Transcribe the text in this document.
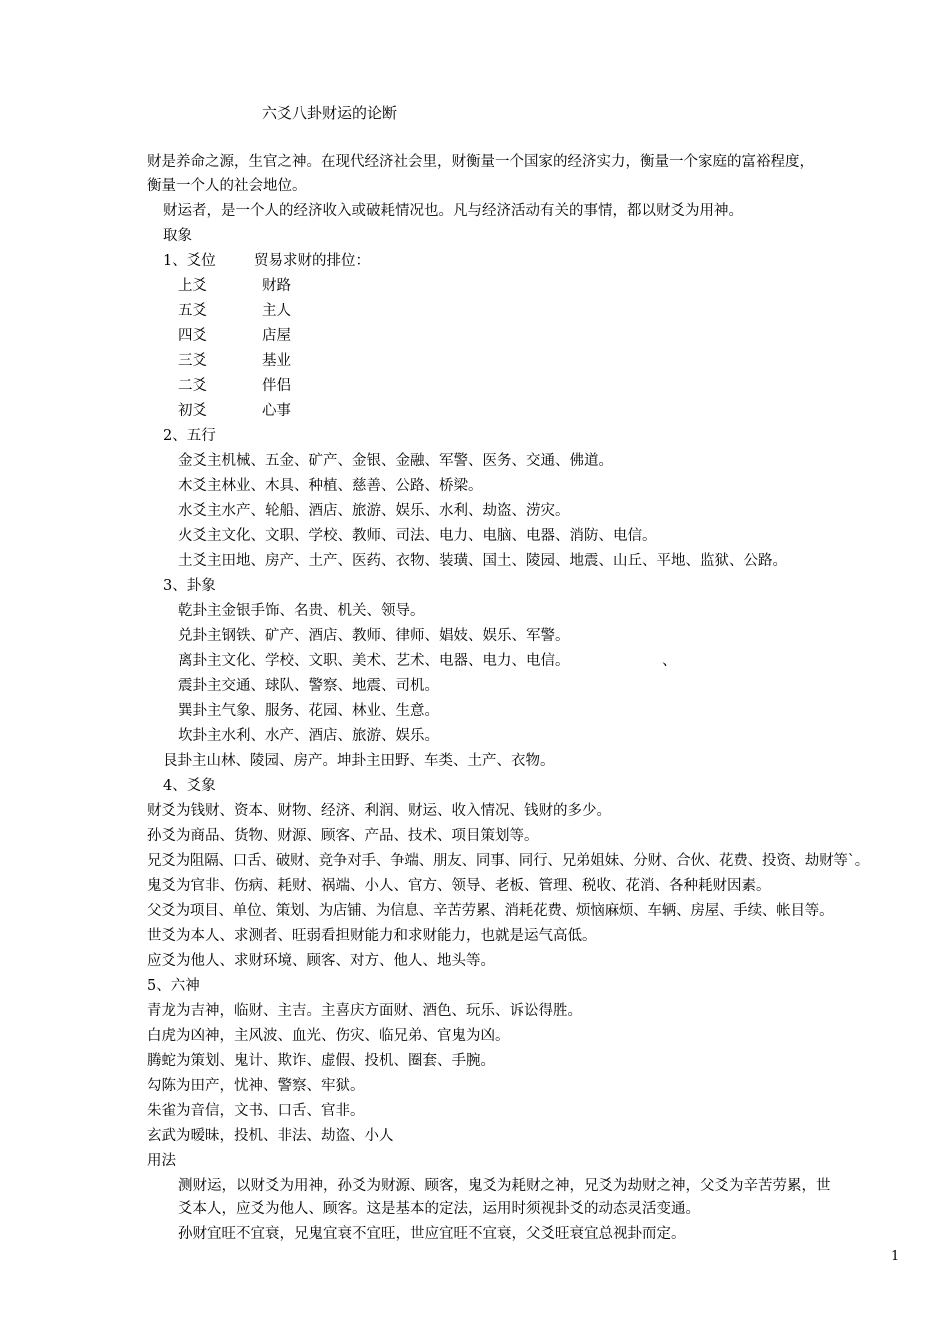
六爻八卦财运的论断
财是养命之源，生官之神。在现代经济社会里，财衡量一个国家的经济实力，衡量一个家庭的富裕程度，
衡量一个人的社会地位。
财运者，是一个人的经济收入或破耗情况也。凡与经济活动有关的事情，都以财爻为用神。
取象
1、爻位	贸易求财的排位：
上爻	财路
五爻	主人
四爻	店屋
三爻	基业
二爻	伴侣
初爻	心事
2、五行
金爻主机械、五金、矿产、金银、金融、军警、医务、交通、佛道。
木爻主林业、木具、种植、慈善、公路、桥梁。
水爻主水产、轮船、酒店、旅游、娱乐、水利、劫盗、涝灾。
火爻主文化、文职、学校、教师、司法、电力、电脑、电器、消防、电信。
土爻主田地、房产、土产、医药、衣物、装璜、国土、陵园、地震、山丘、平地、监狱、公路。
3、卦象
乾卦主金银手饰、名贵、机关、领导。
兑卦主钢铁、矿产、酒店、教师、律师、娼妓、娱乐、军警。
离卦主文化、学校、文职、美术、艺术、电器、电力、电信。	、
震卦主交通、球队、警察、地震、司机。
巽卦主气象、服务、花园、林业、生意。
坎卦主水利、水产、酒店、旅游、娱乐。
艮卦主山林、陵园、房产。坤卦主田野、车类、土产、衣物。
4、爻象
财爻为钱财、资本、财物、经济、利润、财运、收入情况、钱财的多少。
孙爻为商品、货物、财源、顾客、产品、技术、项目策划等。
兄爻为阻隔、口舌、破财、竞争对手、争端、朋友、同事、同行、兄弟姐妹、分财、合伙、花费、投资、劫财等`。
鬼爻为官非、伤病、耗财、祸端、小人、官方、领导、老板、管理、税收、花消、各种耗财因素。
父爻为项目、单位、策划、为店铺、为信息、辛苦劳累、消耗花费、烦恼麻烦、车辆、房屋、手续、帐目等。
世爻为本人、求测者、旺弱看担财能力和求财能力，也就是运气高低。
应爻为他人、求财环境、顾客、对方、他人、地头等。
5、六神
青龙为吉神，临财、主吉。主喜庆方面财、酒色、玩乐、诉讼得胜。
白虎为凶神，主风波、血光、伤灾、临兄弟、官鬼为凶。
腾蛇为策划、鬼计、欺诈、虚假、投机、圈套、手腕。
勾陈为田产，忧神、警察、牢狱。
朱雀为音信，文书、口舌、官非。
玄武为暧昧，投机、非法、劫盗、小人
用法
测财运，以财爻为用神，孙爻为财源、顾客，鬼爻为耗财之神，兄爻为劫财之神，父爻为辛苦劳累，世
爻本人，应爻为他人、顾客。这是基本的定法，运用时须视卦爻的动态灵活变通。
孙财宜旺不宜衰，兄鬼宜衰不宜旺，世应宜旺不宜衰，父爻旺衰宜总视卦而定。
1
